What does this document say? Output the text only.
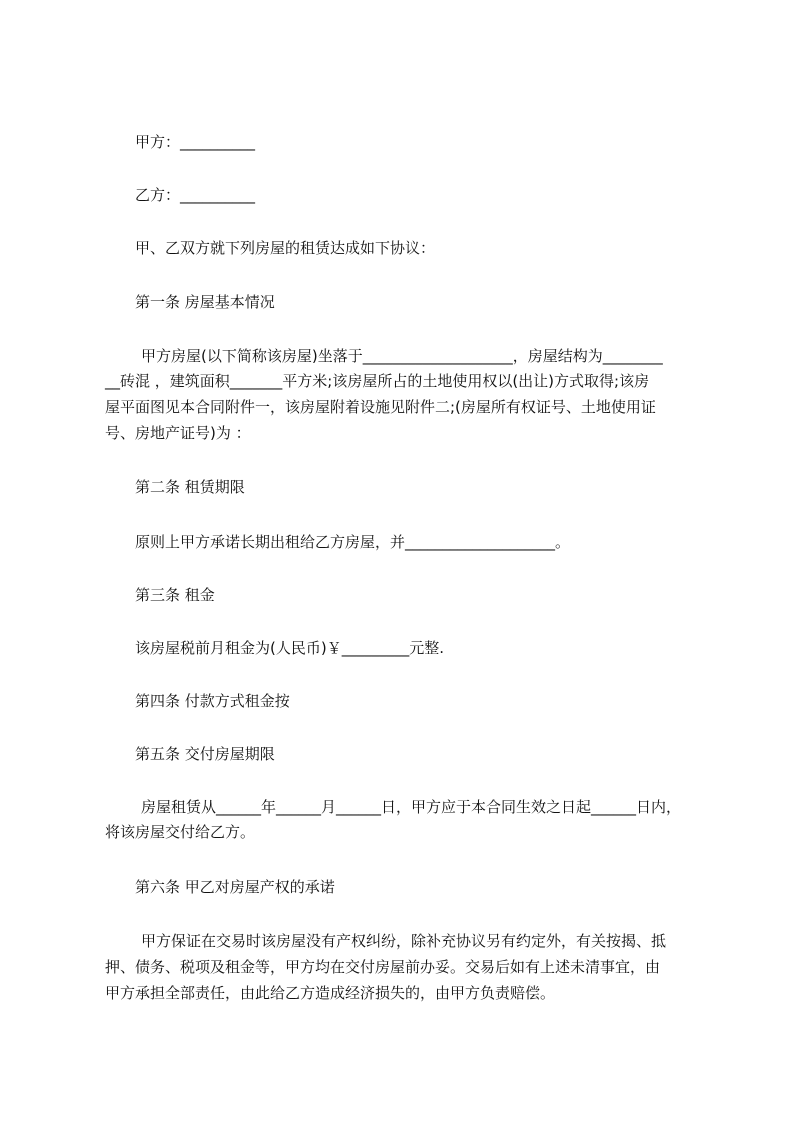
甲方：__________
乙方：__________
甲、乙双方就下列房屋的租赁达成如下协议：
第一条 房屋基本情况
甲方房屋(以下简称该房屋)坐落于____________________，房屋结构为________
__砖混 ，建筑面积_______平方米;该房屋所占的土地使用权以(出让)方式取得;该房
屋平面图见本合同附件一，该房屋附着设施见附件二;(房屋所有权证号、土地使用证
号、房地产证号)为 ：
第二条 租赁期限
原则上甲方承诺长期出租给乙方房屋，并____________________。
第三条 租金
该房屋税前月租金为(人民币)￥_________元整.
第四条 付款方式租金按
第五条 交付房屋期限
房屋租赁从______年______月______日，甲方应于本合同生效之日起______日内，
将该房屋交付给乙方。
第六条 甲乙对房屋产权的承诺
甲方保证在交易时该房屋没有产权纠纷，除补充协议另有约定外，有关按揭、抵
押、债务、税项及租金等，甲方均在交付房屋前办妥。交易后如有上述未清事宜，由
甲方承担全部责任，由此给乙方造成经济损失的，由甲方负责赔偿。
